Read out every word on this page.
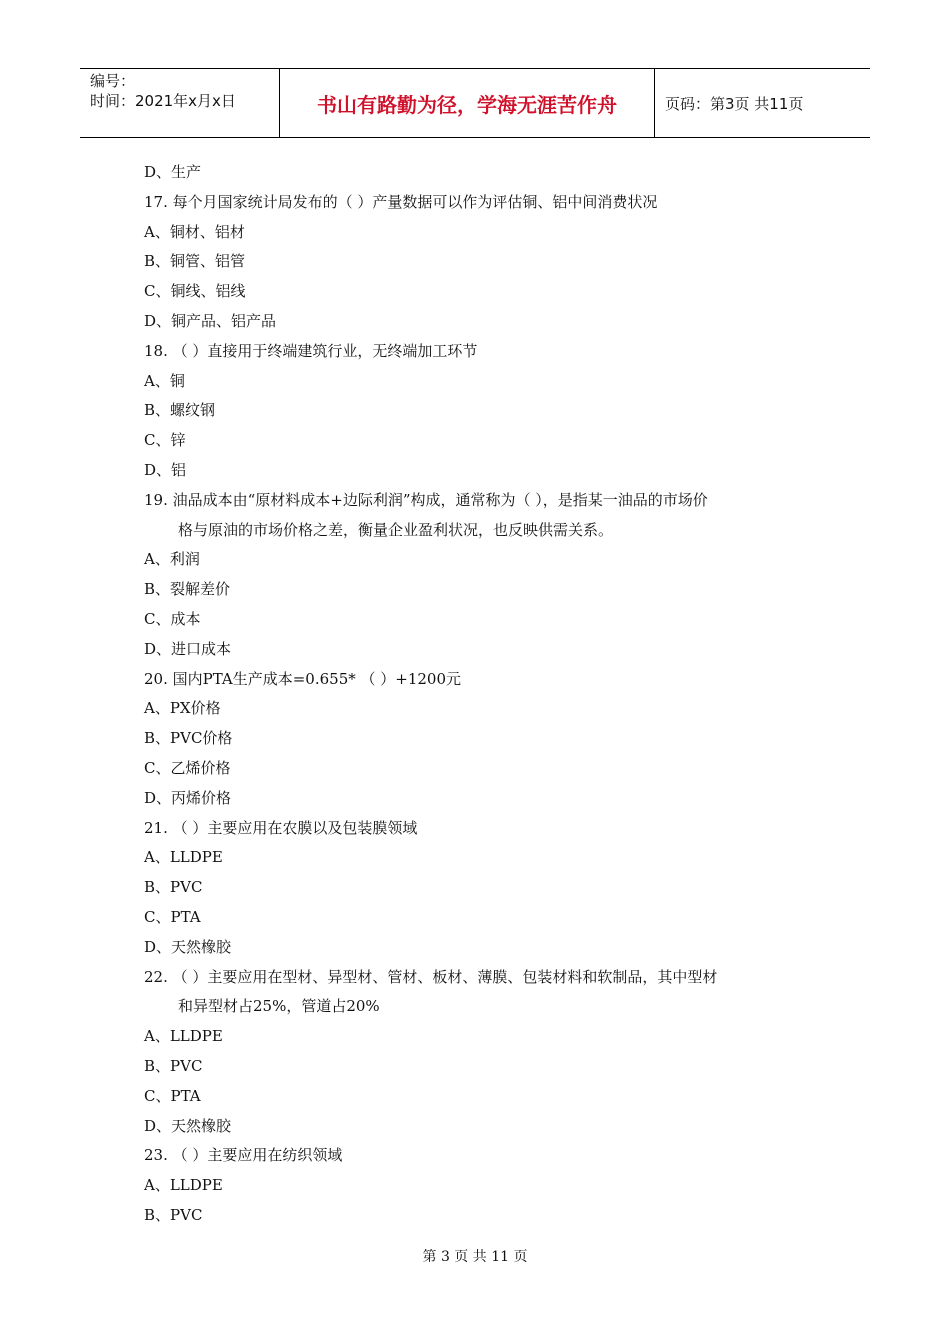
编号：
时间：2021年x月x日	书山有路勤为径，学海无涯苦作舟	页码：第3页 共11页
D、生产
17. 每个月国家统计局发布的（ ）产量数据可以作为评估铜、铝中间消费状况
A、铜材、铝材
B、铜管、铝管
C、铜线、铝线
D、铜产品、铝产品
18. （ ）直接用于终端建筑行业，无终端加工环节
A、铜
B、螺纹钢
C、锌
D、铝
19. 油品成本由“原材料成本+边际利润”构成，通常称为（ ），是指某一油品的市场价
格与原油的市场价格之差，衡量企业盈利状况，也反映供需关系。
A、利润
B、裂解差价
C、成本
D、进口成本
20. 国内PTA生产成本=0.655* （ ）+1200元
A、PX价格
B、PVC价格
C、乙烯价格
D、丙烯价格
21. （ ）主要应用在农膜以及包装膜领域
A、LLDPE
B、PVC
C、PTA
D、天然橡胶
22. （ ）主要应用在型材、异型材、管材、板材、薄膜、包装材料和软制品，其中型材
和异型材占25%，管道占20%
A、LLDPE
B、PVC
C、PTA
D、天然橡胶
23. （ ）主要应用在纺织领域
A、LLDPE
B、PVC
第 3 页 共 11 页
